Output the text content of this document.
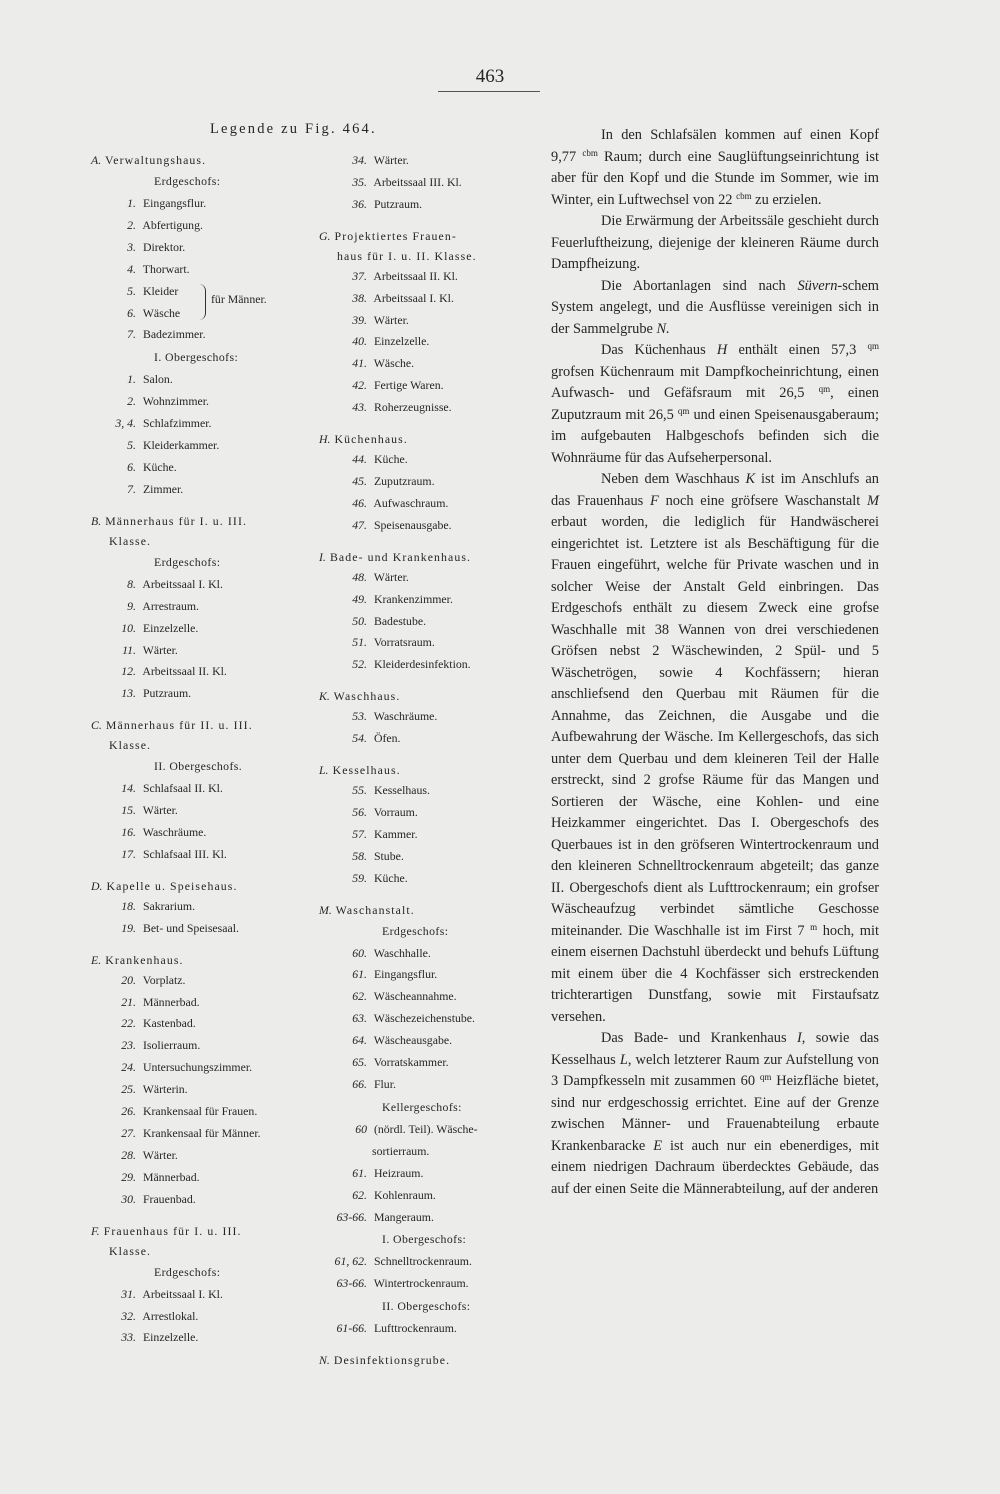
463
Legende zu Fig. 464.
A. Verwaltungshaus.
Erdgeschofs:
1. Eingangsflur.
2. Abfertigung.
3. Direktor.
4. Thorwart.
5. Kleider
6. Wäsche
für Männer.
7. Badezimmer.
I. Obergeschofs:
1. Salon.
2. Wohnzimmer.
3, 4. Schlafzimmer.
5. Kleiderkammer.
6. Küche.
7. Zimmer.
B. Männerhaus für I. u. III.
Klasse.
Erdgeschofs:
8. Arbeitssaal I. Kl.
9. Arrestraum.
10. Einzelzelle.
11. Wärter.
12. Arbeitssaal II. Kl.
13. Putzraum.
C. Männerhaus für II. u. III.
Klasse.
II. Obergeschofs.
14. Schlafsaal II. Kl.
15. Wärter.
16. Waschräume.
17. Schlafsaal III. Kl.
D. Kapelle u. Speisehaus.
18. Sakrarium.
19. Bet- und Speisesaal.
E. Krankenhaus.
20. Vorplatz.
21. Männerbad.
22. Kastenbad.
23. Isolierraum.
24. Untersuchungszimmer.
25. Wärterin.
26. Krankensaal für Frauen.
27. Krankensaal für Männer.
28. Wärter.
29. Männerbad.
30. Frauenbad.
F. Frauenhaus für I. u. III.
Klasse.
Erdgeschofs:
31. Arbeitssaal I. Kl.
32. Arrestlokal.
33. Einzelzelle.
34. Wärter.
35. Arbeitssaal III. Kl.
36. Putzraum.
G. Projektiertes Frauen-
haus für I. u. II. Klasse.
37. Arbeitssaal II. Kl.
38. Arbeitssaal I. Kl.
39. Wärter.
40. Einzelzelle.
41. Wäsche.
42. Fertige Waren.
43. Roherzeugnisse.
H. Küchenhaus.
44. Küche.
45. Zuputzraum.
46. Aufwaschraum.
47. Speisenausgabe.
I. Bade- und Krankenhaus.
48. Wärter.
49. Krankenzimmer.
50. Badestube.
51. Vorratsraum.
52. Kleiderdesinfektion.
K. Waschhaus.
53. Waschräume.
54. Öfen.
L. Kesselhaus.
55. Kesselhaus.
56. Vorraum.
57. Kammer.
58. Stube.
59. Küche.
M. Waschanstalt.
Erdgeschofs:
60. Waschhalle.
61. Eingangsflur.
62. Wäscheannahme.
63. Wäschezeichenstube.
64. Wäscheausgabe.
65. Vorratskammer.
66. Flur.
Kellergeschofs:
60 (nördl. Teil). Wäsche-
sortierraum.
61. Heizraum.
62. Kohlenraum.
63-66. Mangeraum.
I. Obergeschofs:
61, 62. Schnelltrockenraum.
63-66. Wintertrockenraum.
II. Obergeschofs:
61-66. Lufttrockenraum.
N. Desinfektionsgrube.

In den Schlafsälen kommen auf einen Kopf 9,77 $^{cbm}$ Raum; durch eine Sauglüftungseinrichtung ist aber für den Kopf und die Stunde im Sommer, wie im Winter, ein Luftwechsel von 22 $^{cbm}$ zu erzielen.

Die Erwärmung der Arbeitssäle geschieht durch Feuerluftheizung, diejenige der kleineren Räume durch Dampfheizung.

Die Abortanlagen sind nach Süvern-schem System angelegt, und die Ausflüsse vereinigen sich in der Sammelgrube N.

Das Küchenhaus H enthält einen 57,3 $^{qm}$ grofsen Küchenraum mit Dampfkocheinrichtung, einen Aufwasch- und Gefäfsraum mit 26,5 $^{qm}$, einen Zuputzraum mit 26,5 $^{qm}$ und einen Speisenausgaberaum; im aufgebauten Halbgeschofs befinden sich die Wohnräume für das Aufseherpersonal.

Neben dem Waschhaus K ist im Anschlufs an das Frauenhaus F noch eine gröfsere Waschanstalt M erbaut worden, die lediglich für Handwäscherei eingerichtet ist. Letztere ist als Beschäftigung für die Frauen eingeführt, welche für Private waschen und in solcher Weise der Anstalt Geld einbringen. Das Erdgeschofs enthält zu diesem Zweck eine grofse Waschhalle mit 38 Wannen von drei verschiedenen Gröfsen nebst 2 Wäschewinden, 2 Spül- und 5 Wäschetrögen, sowie 4 Kochfässern; hieran anschliefsend den Querbau mit Räumen für die Annahme, das Zeichnen, die Ausgabe und die Aufbewahrung der Wäsche. Im Kellergeschofs, das sich unter dem Querbau und dem kleineren Teil der Halle erstreckt, sind 2 grofse Räume für das Mangen und Sortieren der Wäsche, eine Kohlen- und eine Heizkammer eingerichtet. Das I. Obergeschofs des Querbaues ist in den gröfseren Wintertrockenraum und den kleineren Schnelltrockenraum abgeteilt; das ganze II. Obergeschofs dient als Lufttrockenraum; ein grofser Wäscheaufzug verbindet sämtliche Geschosse miteinander. Die Waschhalle ist im First 7 $^m$ hoch, mit einem eisernen Dachstuhl überdeckt und behufs Lüftung mit einem über die 4 Kochfässer sich erstreckenden trichterartigen Dunstfang, sowie mit Firstaufsatz versehen.

Das Bade- und Krankenhaus I, sowie das Kesselhaus L, welch letzterer Raum zur Aufstellung von 3 Dampfkesseln mit zusammen 60 $^{qm}$ Heizfläche bietet, sind nur erdgeschossig errichtet. Eine auf der Grenze zwischen Männer- und Frauenabteilung erbaute Krankenbaracke E ist auch nur ein ebenerdiges, mit einem niedrigen Dachraum überdecktes Gebäude, das auf der einen Seite die Männerabteilung, auf der anderen
